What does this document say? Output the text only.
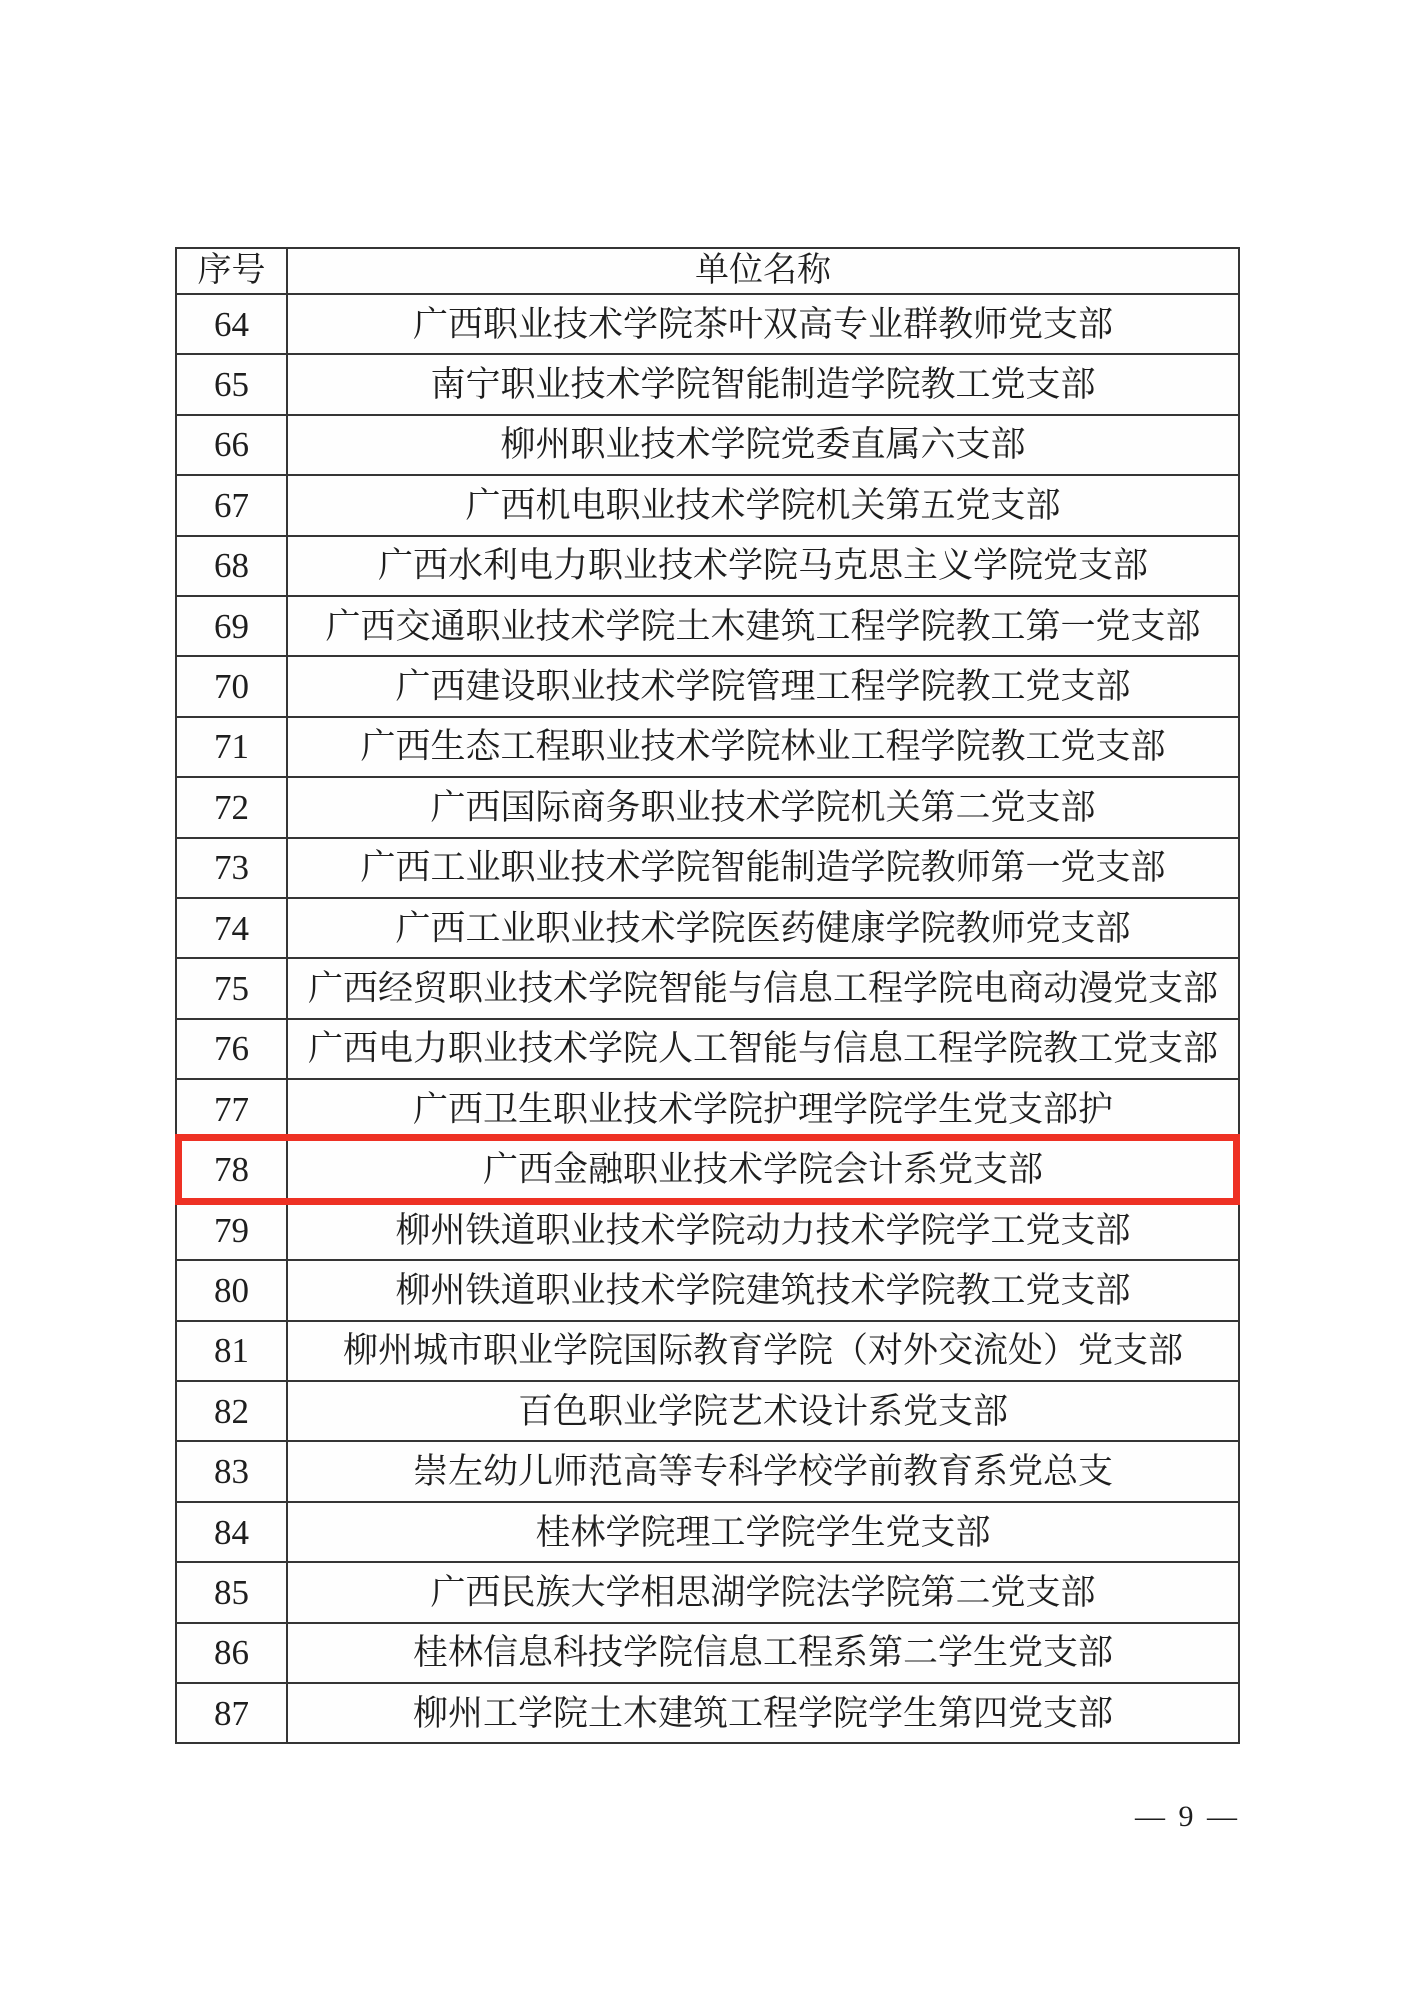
序号	单位名称
64	广西职业技术学院茶叶双高专业群教师党支部
65	南宁职业技术学院智能制造学院教工党支部
66	柳州职业技术学院党委直属六支部
67	广西机电职业技术学院机关第五党支部
68	广西水利电力职业技术学院马克思主义学院党支部
69	广西交通职业技术学院土木建筑工程学院教工第一党支部
70	广西建设职业技术学院管理工程学院教工党支部
71	广西生态工程职业技术学院林业工程学院教工党支部
72	广西国际商务职业技术学院机关第二党支部
73	广西工业职业技术学院智能制造学院教师第一党支部
74	广西工业职业技术学院医药健康学院教师党支部
75	广西经贸职业技术学院智能与信息工程学院电商动漫党支部
76	广西电力职业技术学院人工智能与信息工程学院教工党支部
77	广西卫生职业技术学院护理学院学生党支部护
78	广西金融职业技术学院会计系党支部
79	柳州铁道职业技术学院动力技术学院学工党支部
80	柳州铁道职业技术学院建筑技术学院教工党支部
81	柳州城市职业学院国际教育学院（对外交流处）党支部
82	百色职业学院艺术设计系党支部
83	崇左幼儿师范高等专科学校学前教育系党总支
84	桂林学院理工学院学生党支部
85	广西民族大学相思湖学院法学院第二党支部
86	桂林信息科技学院信息工程系第二学生党支部
87	柳州工学院土木建筑工程学院学生第四党支部
— 9 —
